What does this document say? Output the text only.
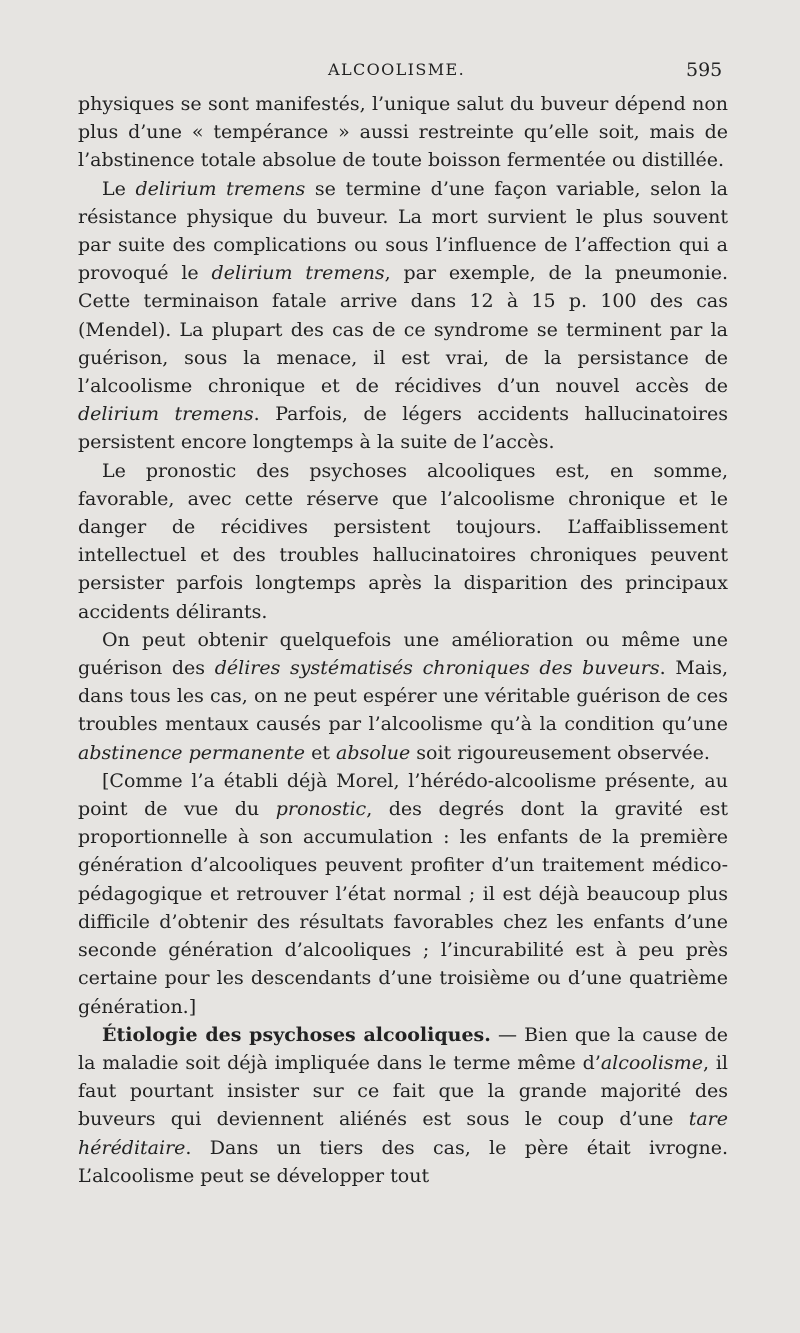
ALCOOLISME.	595

physiques se sont manifestés, l’unique salut du buveur dépend non plus d’une « tempérance » aussi restreinte qu’elle soit, mais de l’abstinence totale absolue de toute boisson fermentée ou distillée.

Le delirium tremens se termine d’une façon variable, selon la résistance physique du buveur. La mort survient le plus souvent par suite des complications ou sous l’influence de l’affection qui a provoqué le delirium tremens, par exemple, de la pneumonie. Cette terminaison fatale arrive dans 12 à 15 p. 100 des cas (Mendel). La plupart des cas de ce syndrome se terminent par la guérison, sous la menace, il est vrai, de la persistance de l’alcoolisme chronique et de récidives d’un nouvel accès de delirium tremens. Parfois, de légers accidents hallucinatoires persistent encore longtemps à la suite de l’accès.

Le pronostic des psychoses alcooliques est, en somme, favorable, avec cette réserve que l’alcoolisme chronique et le danger de récidives persistent toujours. L’affaiblissement intellectuel et des troubles hallucinatoires chroniques peuvent persister parfois longtemps après la disparition des principaux accidents délirants.

On peut obtenir quelquefois une amélioration ou même une guérison des délires systématisés chroniques des buveurs. Mais, dans tous les cas, on ne peut espérer une véritable guérison de ces troubles mentaux causés par l’alcoolisme qu’à la condition qu’une abstinence permanente et absolue soit rigoureusement observée.

[Comme l’a établi déjà Morel, l’hérédo-alcoolisme présente, au point de vue du pronostic, des degrés dont la gravité est proportionnelle à son accumulation : les enfants de la première génération d’alcooliques peuvent profiter d’un traitement médico-pédagogique et retrouver l’état normal ; il est déjà beaucoup plus difficile d’obtenir des résultats favorables chez les enfants d’une seconde génération d’alcooliques ; l’incurabilité est à peu près certaine pour les descendants d’une troisième ou d’une quatrième génération.]

Étiologie des psychoses alcooliques. — Bien que la cause de la maladie soit déjà impliquée dans le terme même d’alcoolisme, il faut pourtant insister sur ce fait que la grande majorité des buveurs qui deviennent aliénés est sous le coup d’une tare héréditaire. Dans un tiers des cas, le père était ivrogne. L’alcoolisme peut se développer tout
